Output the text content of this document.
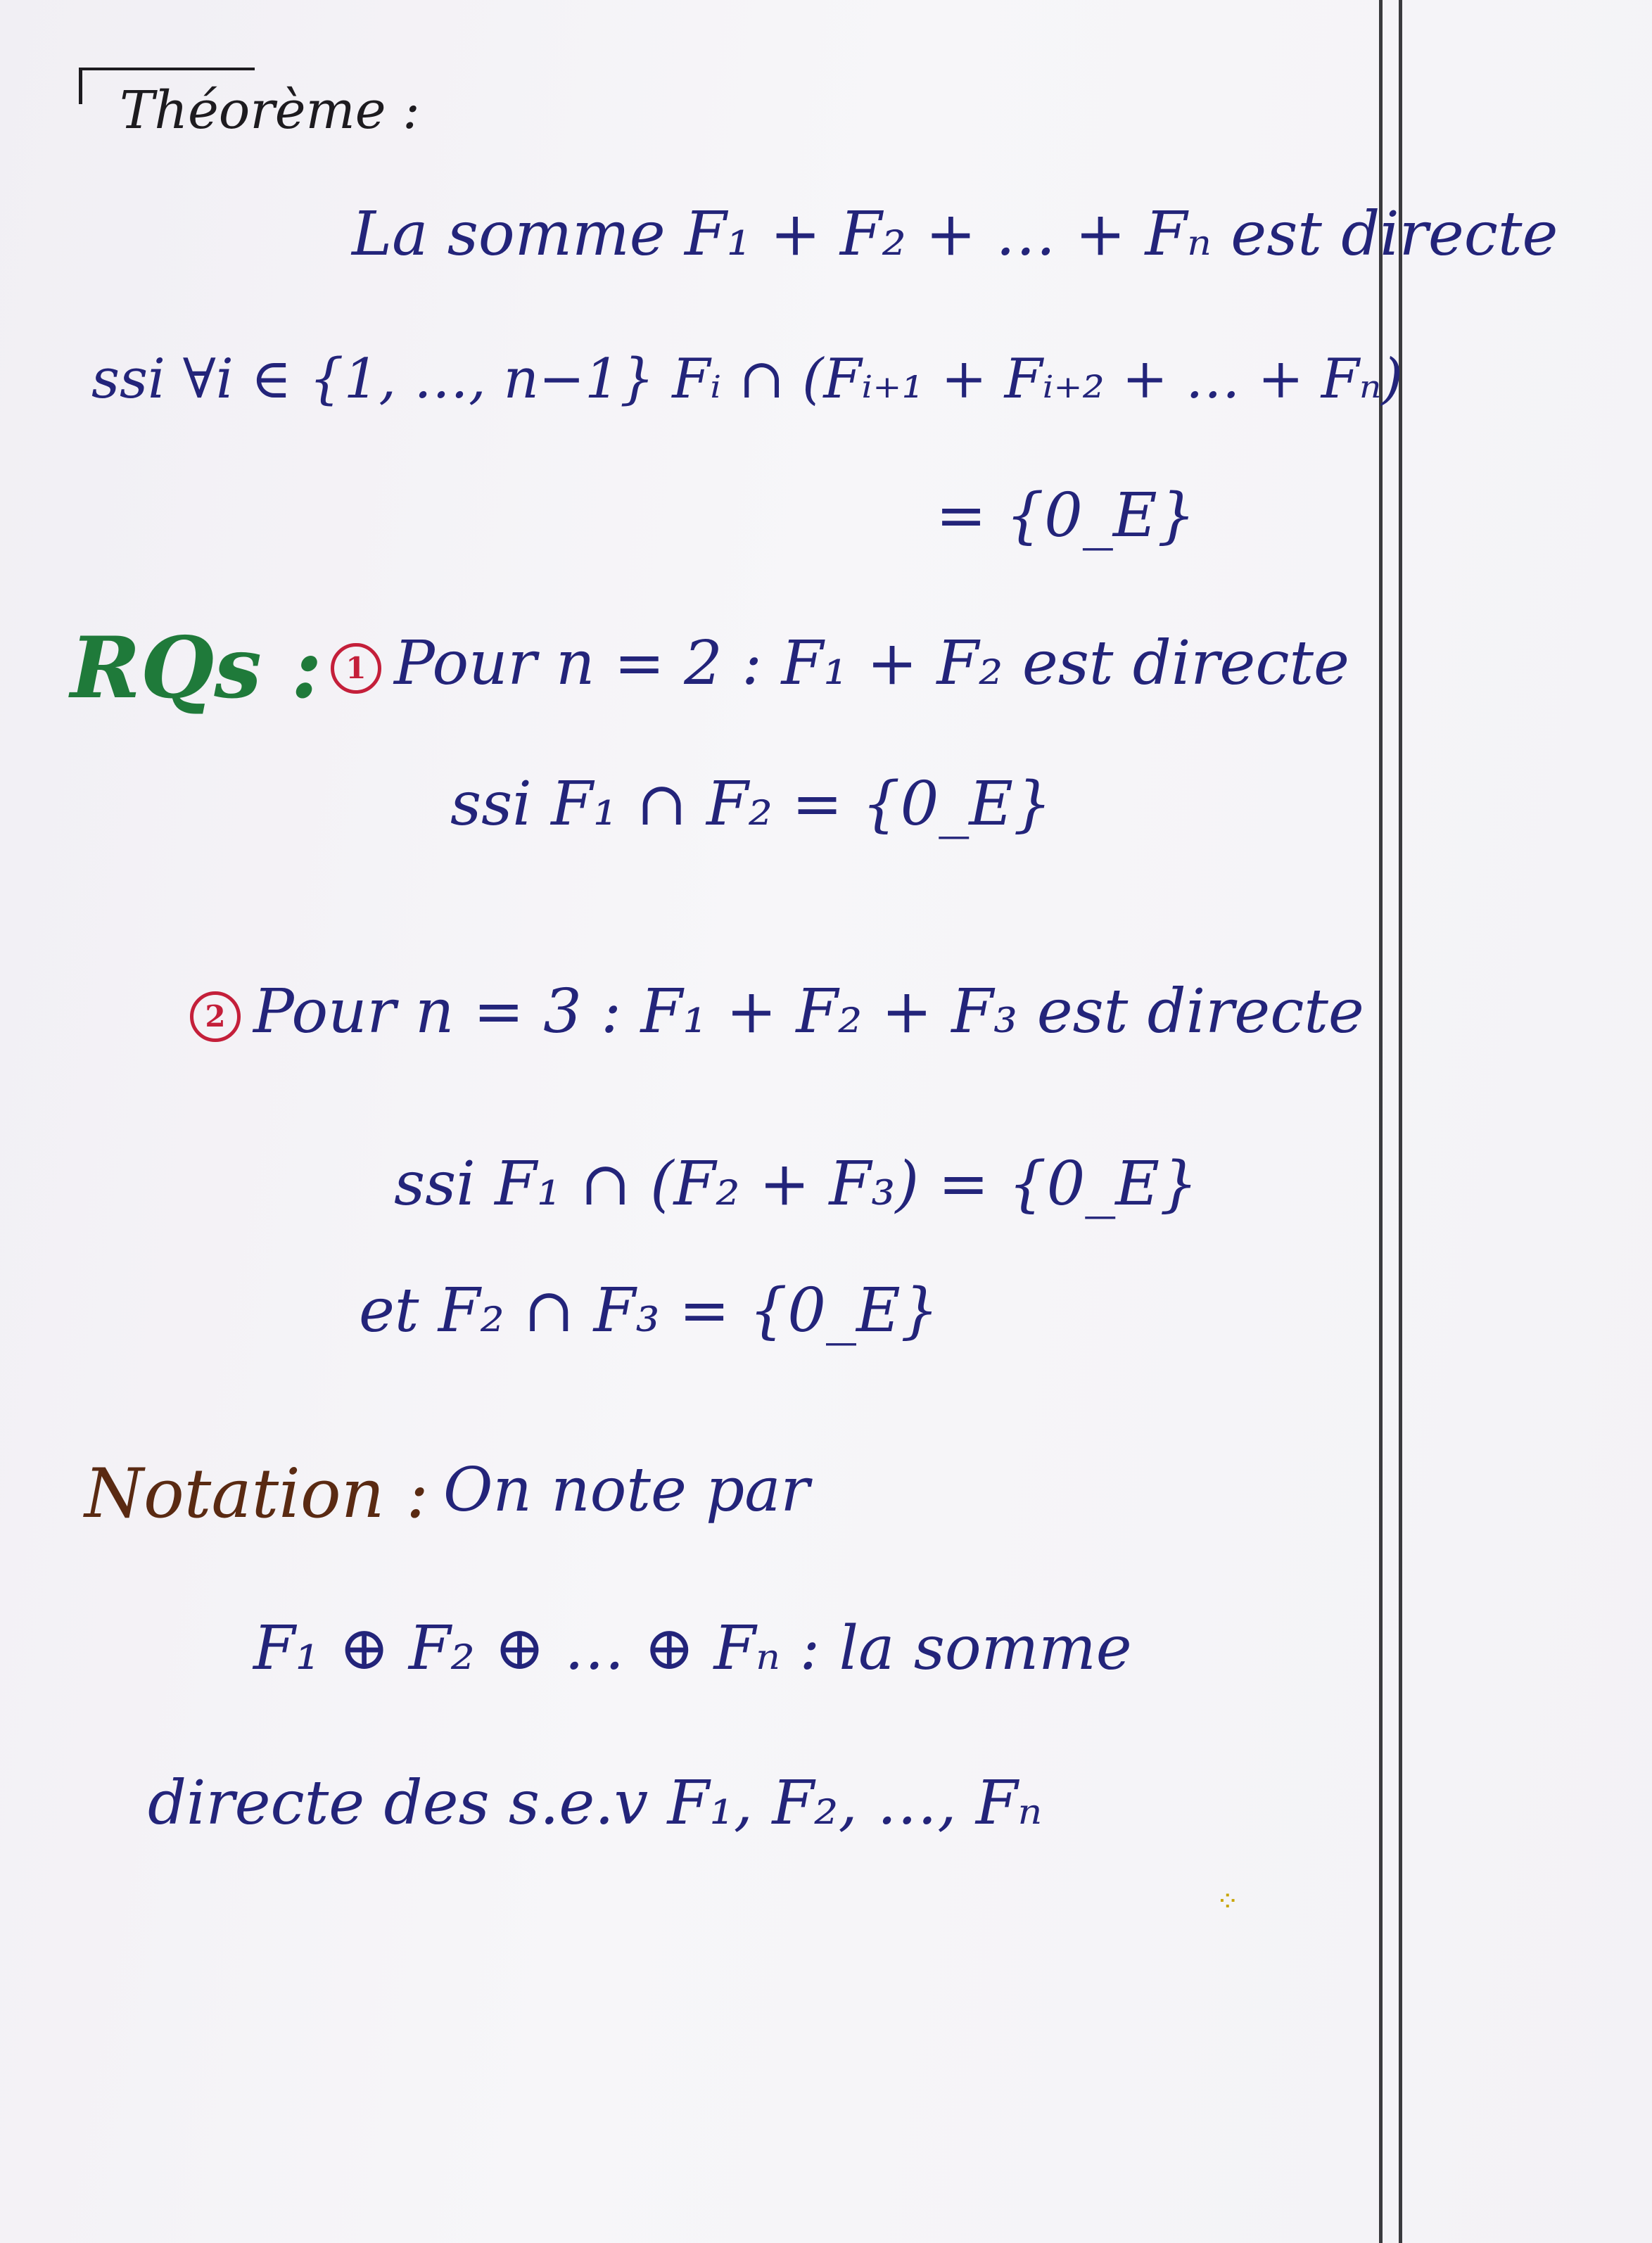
Théorème :
La somme F₁ + F₂ + … + Fₙ est directe
ssi ∀i ∈ {1, …, n−1} Fᵢ ∩ (Fᵢ₊₁ + Fᵢ₊₂ + … + Fₙ)
= {0_E}
RQs : 1 Pour n = 2 : F₁ + F₂ est directe
ssi F₁ ∩ F₂ = {0_E}
2 Pour n = 3 : F₁ + F₂ + F₃ est directe
ssi F₁ ∩ (F₂ + F₃) = {0_E}
et F₂ ∩ F₃ = {0_E}
Notation : On note par
F₁ ⊕ F₂ ⊕ … ⊕ Fₙ : la somme
directe des s.e.v F₁, F₂, …, Fₙ
⁘
